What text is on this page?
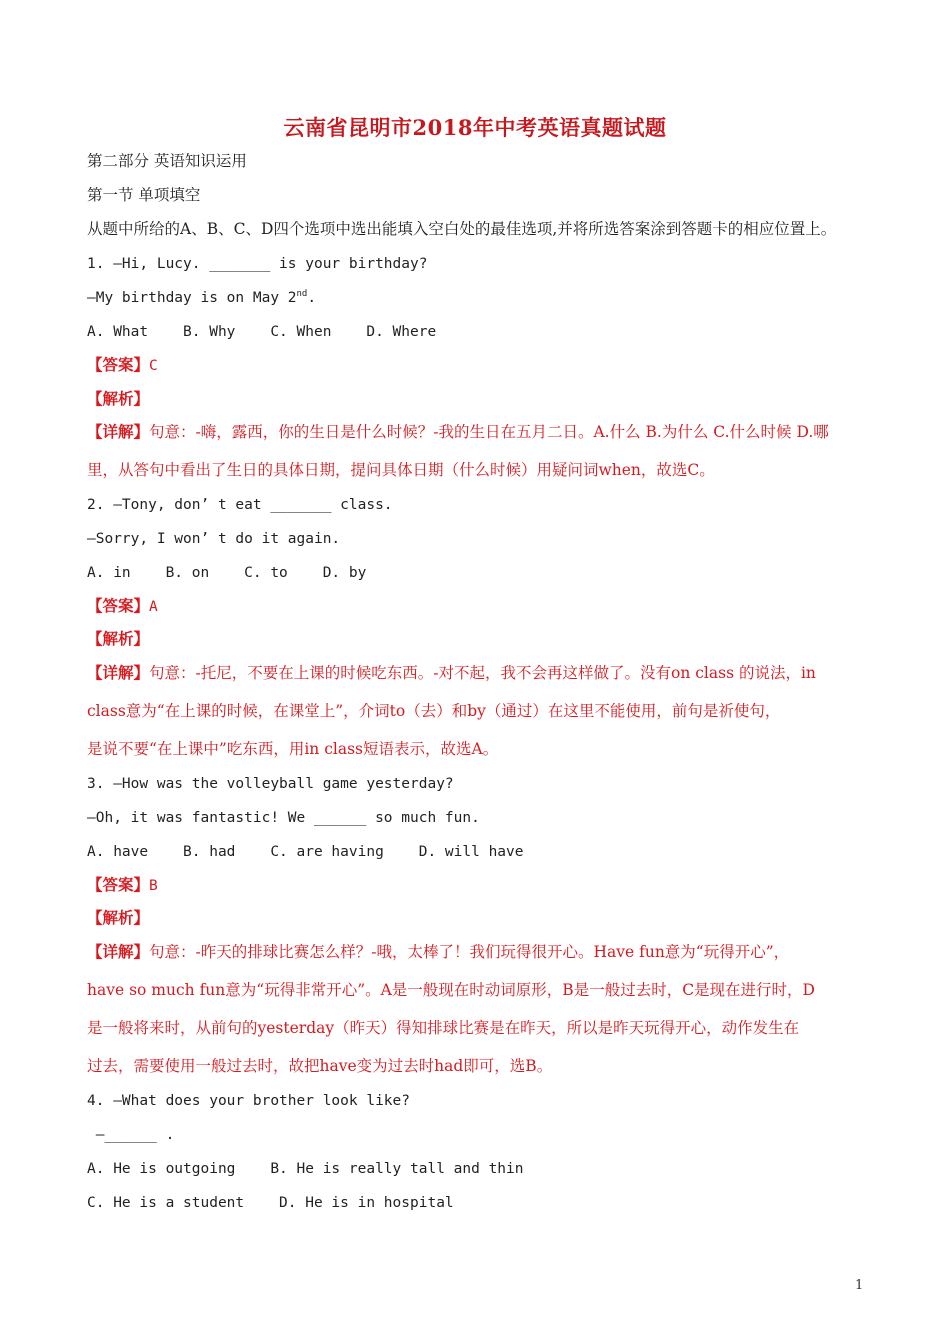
云南省昆明市2018年中考英语真题试题
第二部分 英语知识运用
第一节 单项填空
从题中所给的A、B、C、D四个选项中选出能填入空白处的最佳选项,并将所选答案涂到答题卡的相应位置上。
1. —Hi, Lucy. _______ is your birthday?
—My birthday is on May 2nd.
A. What    B. Why    C. When    D. Where
【答案】C
【解析】
【详解】句意：-嗨，露西，你的生日是什么时候？-我的生日在五月二日。A.什么 B.为什么 C.什么时候 D.哪
里，从答句中看出了生日的具体日期，提问具体日期（什么时候）用疑问词when，故选C。
2. —Tony, don’ t eat _______ class.
—Sorry, I won’ t do it again.
A. in    B. on    C. to    D. by
【答案】A
【解析】
【详解】句意：-托尼，不要在上课的时候吃东西。-对不起，我不会再这样做了。没有on class 的说法，in
class意为“在上课的时候，在课堂上”，介词to（去）和by（通过）在这里不能使用，前句是祈使句，
是说不要“在上课中”吃东西，用in class短语表示，故选A。
3. —How was the volleyball game yesterday?
—Oh, it was fantastic! We ______ so much fun.
A. have    B. had    C. are having    D. will have
【答案】B
【解析】
【详解】句意：-昨天的排球比赛怎么样？-哦，太棒了！我们玩得很开心。Have fun意为“玩得开心”，
have so much fun意为“玩得非常开心”。A是一般现在时动词原形，B是一般过去时，C是现在进行时，D
是一般将来时，从前句的yesterday（昨天）得知排球比赛是在昨天，所以是昨天玩得开心，动作发生在
过去，需要使用一般过去时，故把have变为过去时had即可，选B。
4. —What does your brother look like?
—______ .
A. He is outgoing    B. He is really tall and thin
C. He is a student    D. He is in hospital
1
